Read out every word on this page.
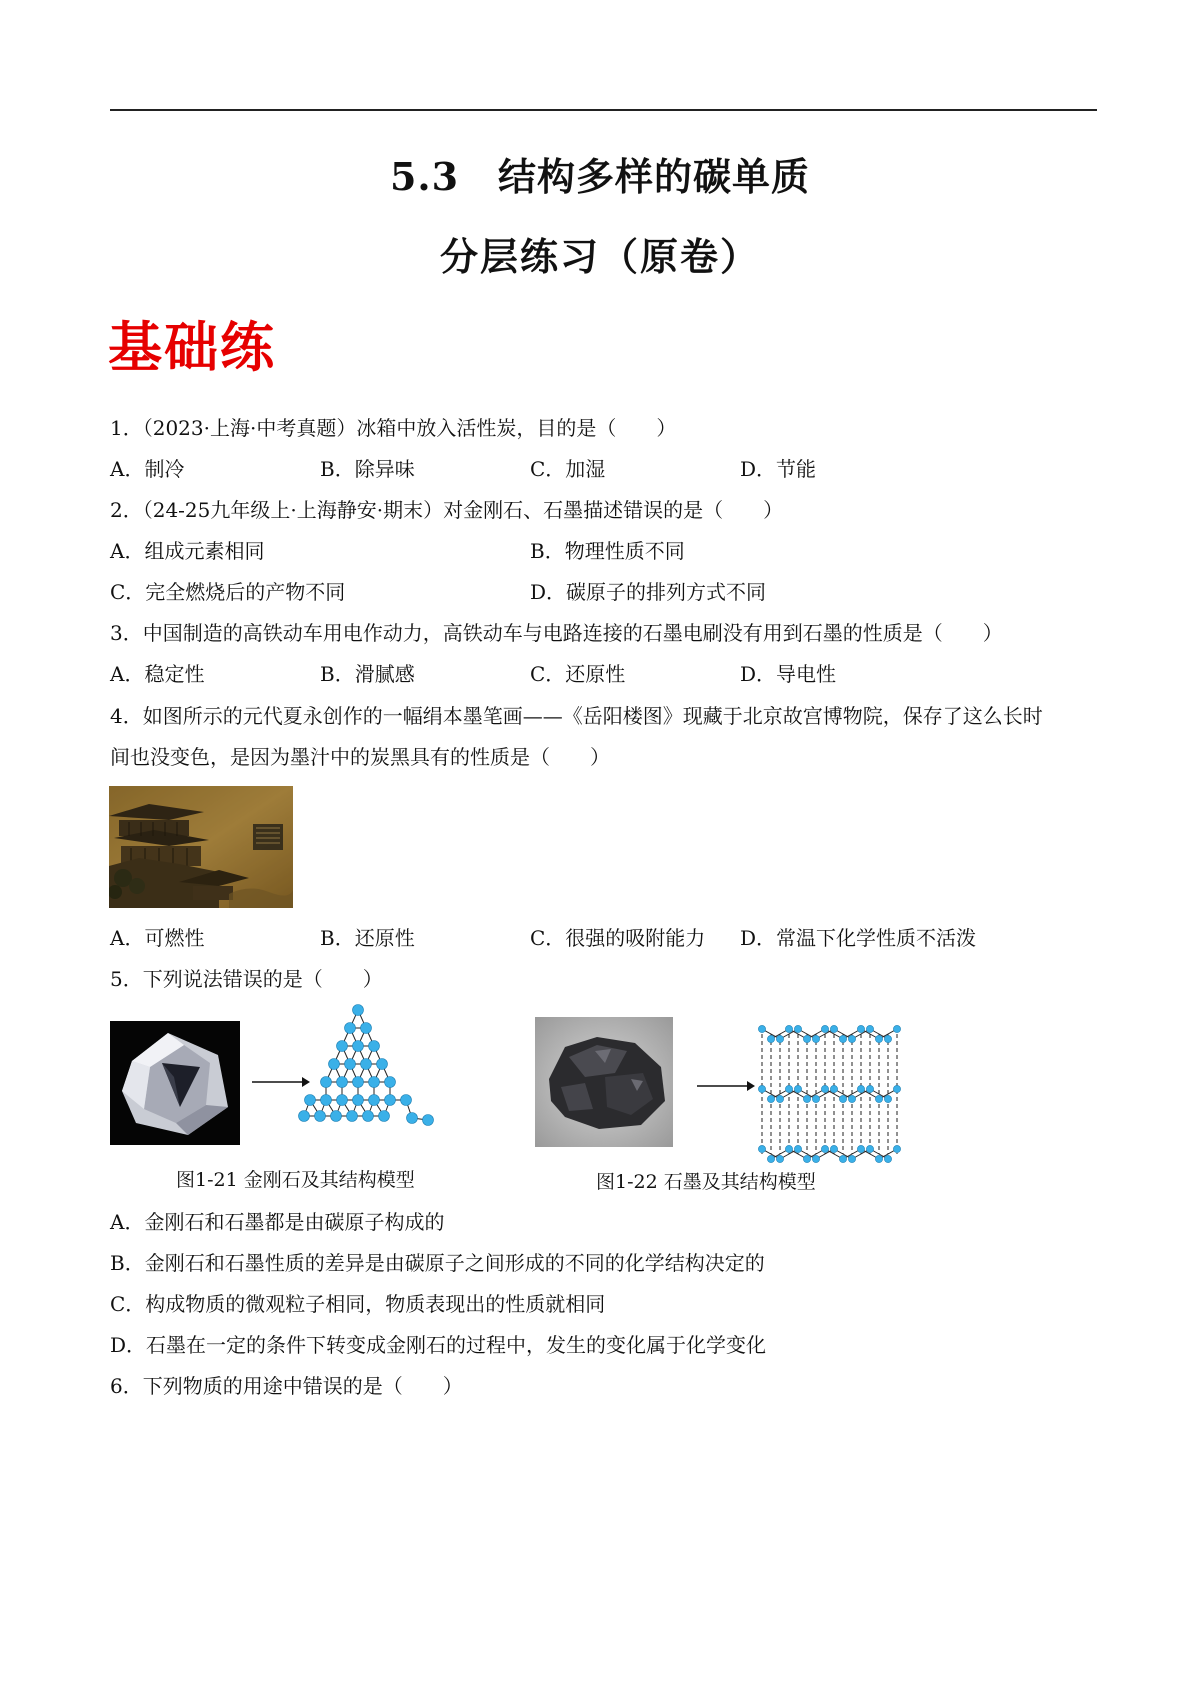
5.3　结构多样的碳单质
分层练习（原卷）
基础练
1．（2023·上海·中考真题）冰箱中放入活性炭，目的是（　　）
A．制冷	B．除异味	C．加湿	D．节能
2．（24-25九年级上·上海静安·期末）对金刚石、石墨描述错误的是（　　）
A．组成元素相同	B．物理性质不同
C．完全燃烧后的产物不同	D．碳原子的排列方式不同
3．中国制造的高铁动车用电作动力，高铁动车与电路连接的石墨电刷没有用到石墨的性质是（　　）
A．稳定性	B．滑腻感	C．还原性	D．导电性
4．如图所示的元代夏永创作的一幅绢本墨笔画——《岳阳楼图》现藏于北京故宫博物院，保存了这么长时
间也没变色，是因为墨汁中的炭黑具有的性质是（　　）
A．可燃性	B．还原性	C．很强的吸附能力 D．常温下化学性质不活泼
5．下列说法错误的是（　　）
图1-21 金刚石及其结构模型	图1-22 石墨及其结构模型
A．金刚石和石墨都是由碳原子构成的
B．金刚石和石墨性质的差异是由碳原子之间形成的不同的化学结构决定的
C．构成物质的微观粒子相同，物质表现出的性质就相同
D．石墨在一定的条件下转变成金刚石的过程中，发生的变化属于化学变化
6．下列物质的用途中错误的是（　　）
